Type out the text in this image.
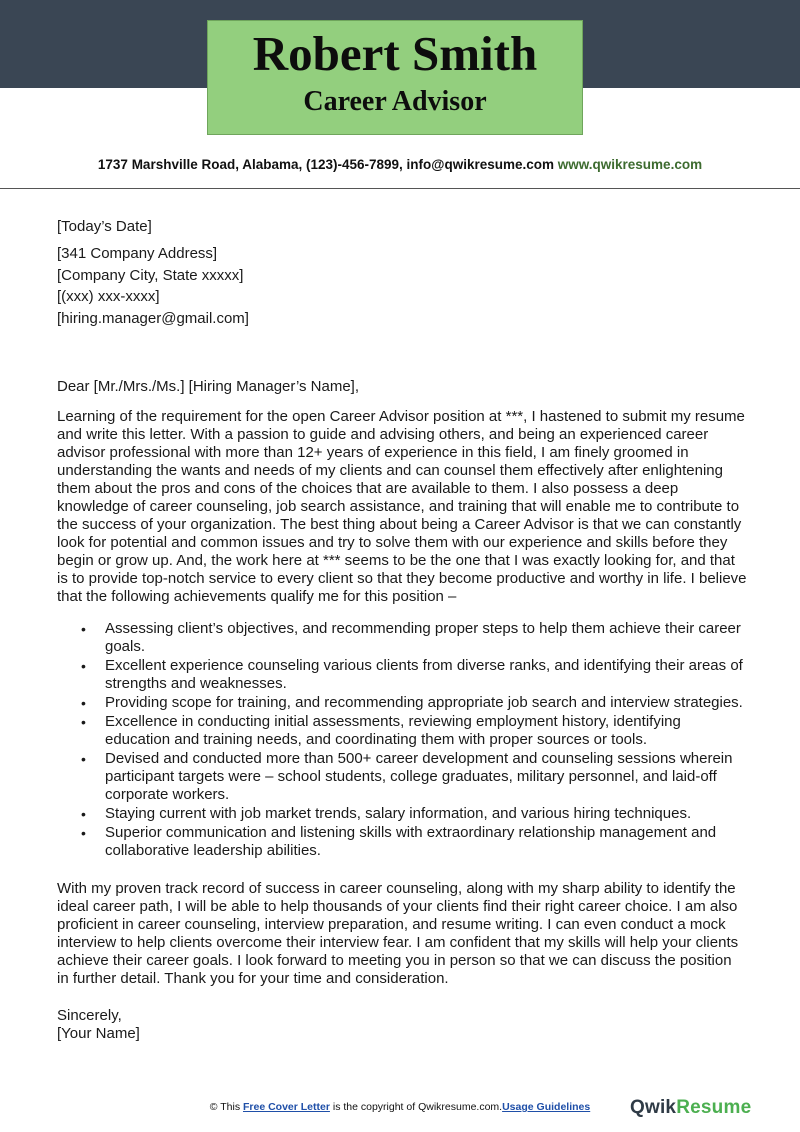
Robert Smith
Career Advisor
1737 Marshville Road, Alabama, (123)-456-7899, info@qwikresume.com www.qwikresume.com

[Today’s Date]

[341 Company Address]

[Company City, State xxxxx]

[(xxx) xxx-xxxx]

[hiring.manager@gmail.com]

Dear [Mr./Mrs./Ms.] [Hiring Manager’s Name],

Learning of the requirement for the open Career Advisor position at ***, I hastened to submit my resume and write this letter. With a passion to guide and advising others, and being an experienced career advisor professional with more than 12+ years of experience in this field, I am finely groomed in understanding the wants and needs of my clients and can counsel them effectively after enlightening them about the pros and cons of the choices that are available to them. I also possess a deep knowledge of career counseling, job search assistance, and training that will enable me to contribute to the success of your organization. The best thing about being a Career Advisor is that we can constantly look for potential and common issues and try to solve them with our experience and skills before they begin or grow up. And, the work here at *** seems to be the one that I was exactly looking for, and that is to provide top-notch service to every client so that they become productive and worthy in life. I believe that the following achievements qualify me for this position –

• Assessing client’s objectives, and recommending proper steps to help them achieve their career goals.
• Excellent experience counseling various clients from diverse ranks, and identifying their areas of strengths and weaknesses.
• Providing scope for training, and recommending appropriate job search and interview strategies.
• Excellence in conducting initial assessments, reviewing employment history, identifying education and training needs, and coordinating them with proper sources or tools.
• Devised and conducted more than 500+ career development and counseling sessions wherein participant targets were – school students, college graduates, military personnel, and laid-off corporate workers.
• Staying current with job market trends, salary information, and various hiring techniques.
• Superior communication and listening skills with extraordinary relationship management and collaborative leadership abilities.

With my proven track record of success in career counseling, along with my sharp ability to identify the ideal career path, I will be able to help thousands of your clients find their right career choice. I am also proficient in career counseling, interview preparation, and resume writing. I can even conduct a mock interview to help clients overcome their interview fear. I am confident that my skills will help your clients achieve their career goals. I look forward to meeting you in person so that we can discuss the position in further detail. Thank you for your time and consideration.

Sincerely,

[Your Name]

© This Free Cover Letter is the copyright of Qwikresume.com.Usage Guidelines	QwikResume
